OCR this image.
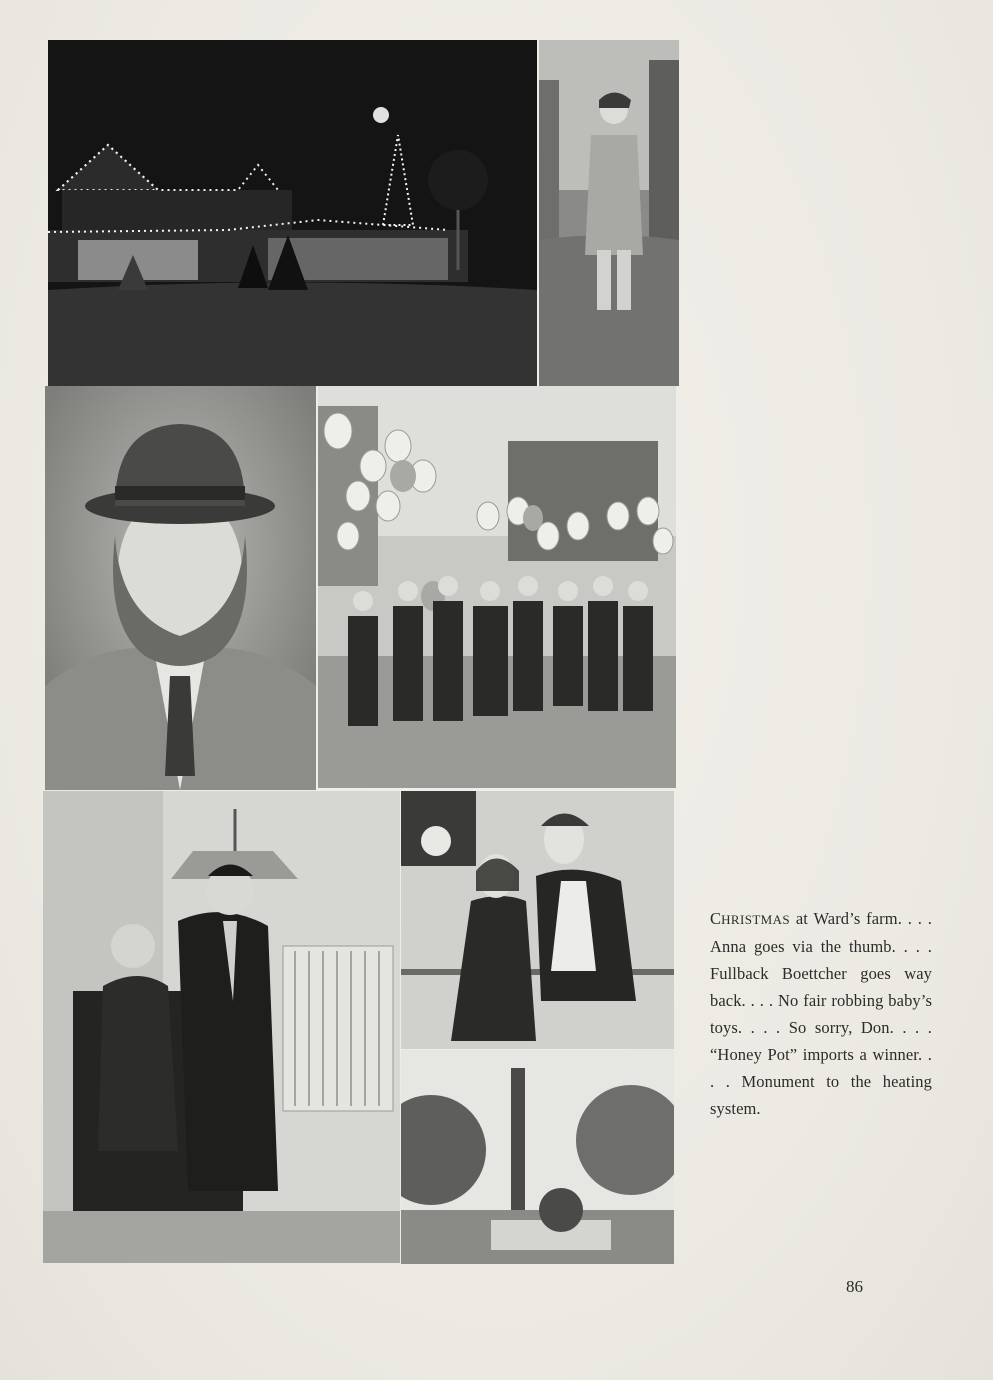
CHRISTMAS at Ward’s farm. . . . Anna goes via the thumb. . . . Fullback Boettcher goes way back. . . . No fair robbing baby’s toys. . . . So sorry, Don. . . . “Honey Pot” imports a winner. . . . Monument to the heating system.

86
